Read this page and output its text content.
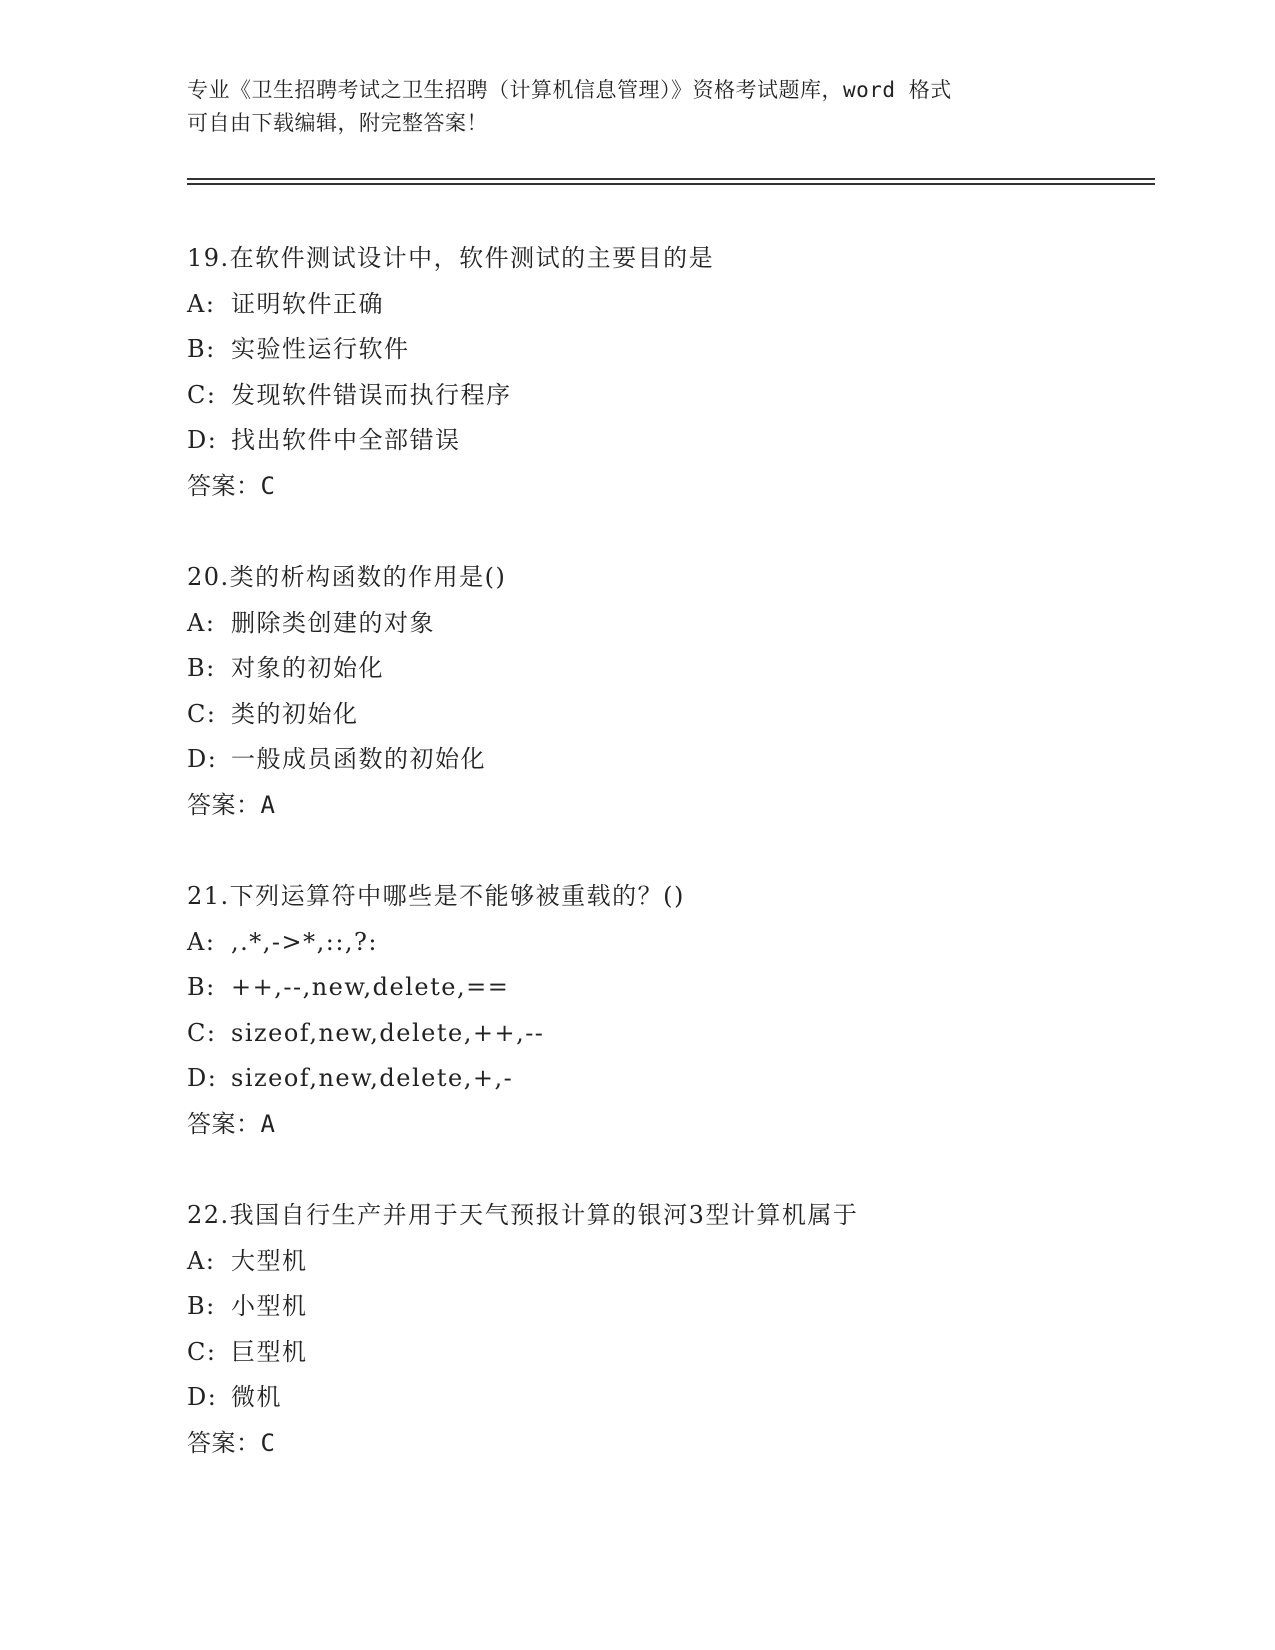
专业《卫生招聘考试之卫生招聘（计算机信息管理）》资格考试题库，word 格式
可自由下载编辑，附完整答案！
19.在软件测试设计中，软件测试的主要目的是
A: 证明软件正确
B: 实验性运行软件
C: 发现软件错误而执行程序
D: 找出软件中全部错误
答案：C
20.类的析构函数的作用是()
A: 删除类创建的对象
B: 对象的初始化
C: 类的初始化
D: 一般成员函数的初始化
答案：A
21.下列运算符中哪些是不能够被重载的？()
A: ,.*,->*,::,?:
B: ++,--,new,delete,==
C: sizeof,new,delete,++,--
D: sizeof,new,delete,+,-
答案：A
22.我国自行生产并用于天气预报计算的银河3型计算机属于
A: 大型机
B: 小型机
C: 巨型机
D: 微机
答案：C
